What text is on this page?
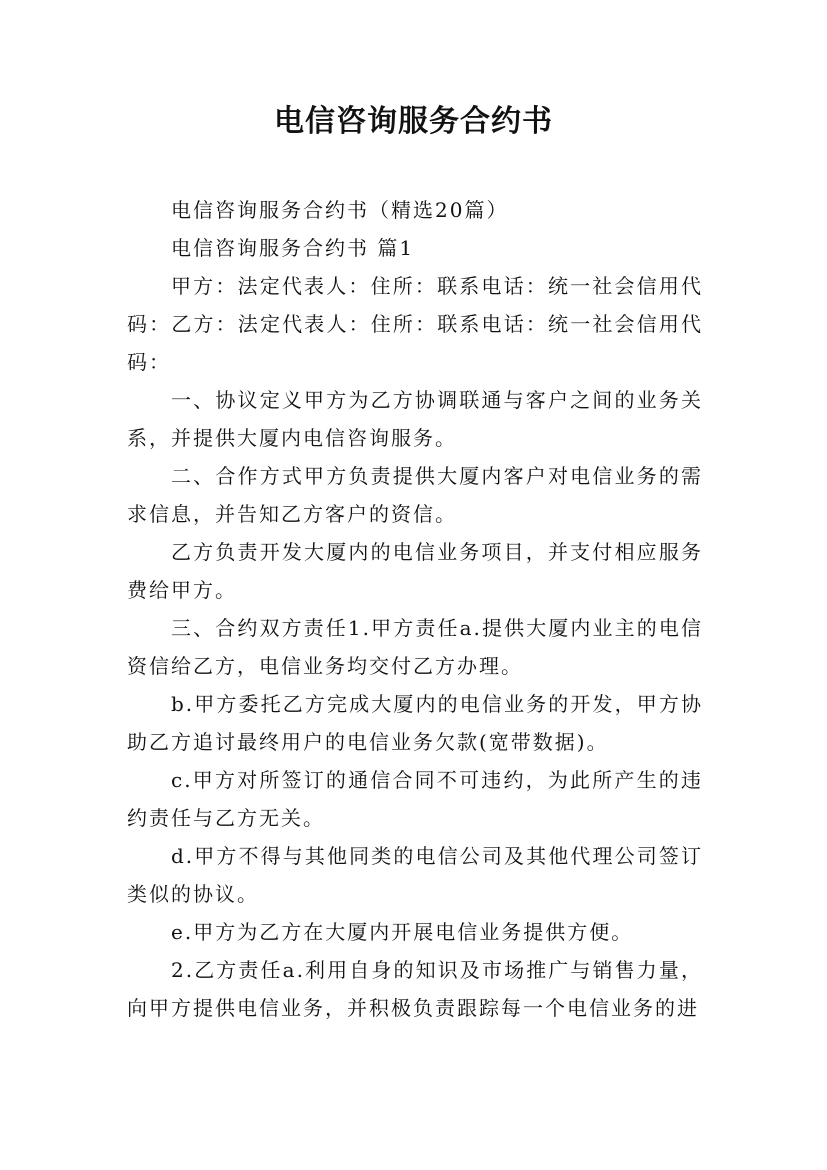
电信咨询服务合约书

电信咨询服务合约书（精选20篇）

电信咨询服务合约书 篇1

甲方：法定代表人：住所：联系电话：统一社会信用代码：乙方：法定代表人：住所：联系电话：统一社会信用代码：

一、协议定义甲方为乙方协调联通与客户之间的业务关系，并提供大厦内电信咨询服务。

二、合作方式甲方负责提供大厦内客户对电信业务的需求信息，并告知乙方客户的资信。

乙方负责开发大厦内的电信业务项目，并支付相应服务费给甲方。

三、合约双方责任1.甲方责任a.提供大厦内业主的电信资信给乙方，电信业务均交付乙方办理。

b.甲方委托乙方完成大厦内的电信业务的开发，甲方协助乙方追讨最终用户的电信业务欠款(宽带数据)。

c.甲方对所签订的通信合同不可违约，为此所产生的违约责任与乙方无关。

d.甲方不得与其他同类的电信公司及其他代理公司签订类似的协议。

e.甲方为乙方在大厦内开展电信业务提供方便。

2.乙方责任a.利用自身的知识及市场推广与销售力量，向甲方提供电信业务，并积极负责跟踪每一个电信业务的进
